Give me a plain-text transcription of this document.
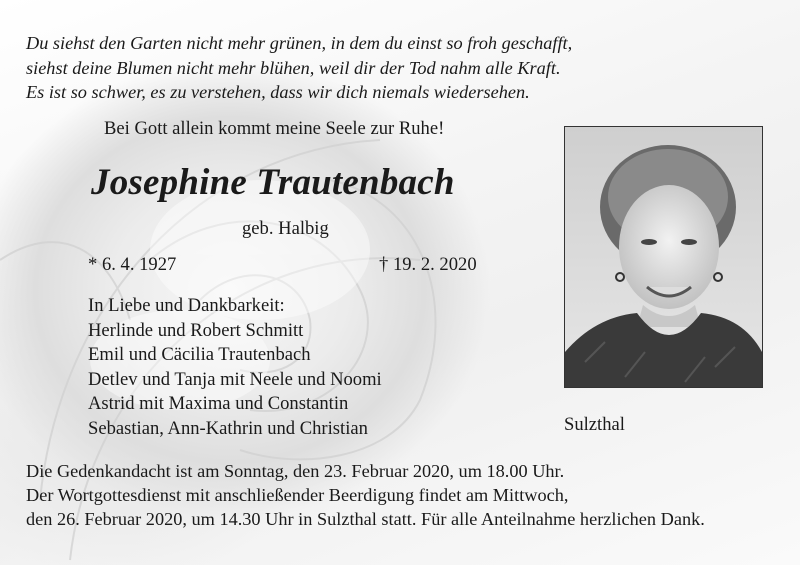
Du siehst den Garten nicht mehr grünen, in dem du einst so froh geschafft,
siehst deine Blumen nicht mehr blühen, weil dir der Tod nahm alle Kraft.
Es ist so schwer, es zu verstehen, dass wir dich niemals wiedersehen.
Bei Gott allein kommt meine Seele zur Ruhe!
Josephine Trautenbach
geb. Halbig
* 6. 4. 1927	† 19. 2. 2020
In Liebe und Dankbarkeit:
Herlinde und Robert Schmitt
Emil und Cäcilia Trautenbach
Detlev und Tanja mit Neele und Noomi
Astrid mit Maxima und Constantin
Sebastian, Ann-Kathrin und Christian	Sulzthal
Die Gedenkandacht ist am Sonntag, den 23. Februar 2020, um 18.00 Uhr.
Der Wortgottesdienst mit anschließender Beerdigung findet am Mittwoch,
den 26. Februar 2020, um 14.30 Uhr in Sulzthal statt. Für alle Anteilnahme herzlichen Dank.
